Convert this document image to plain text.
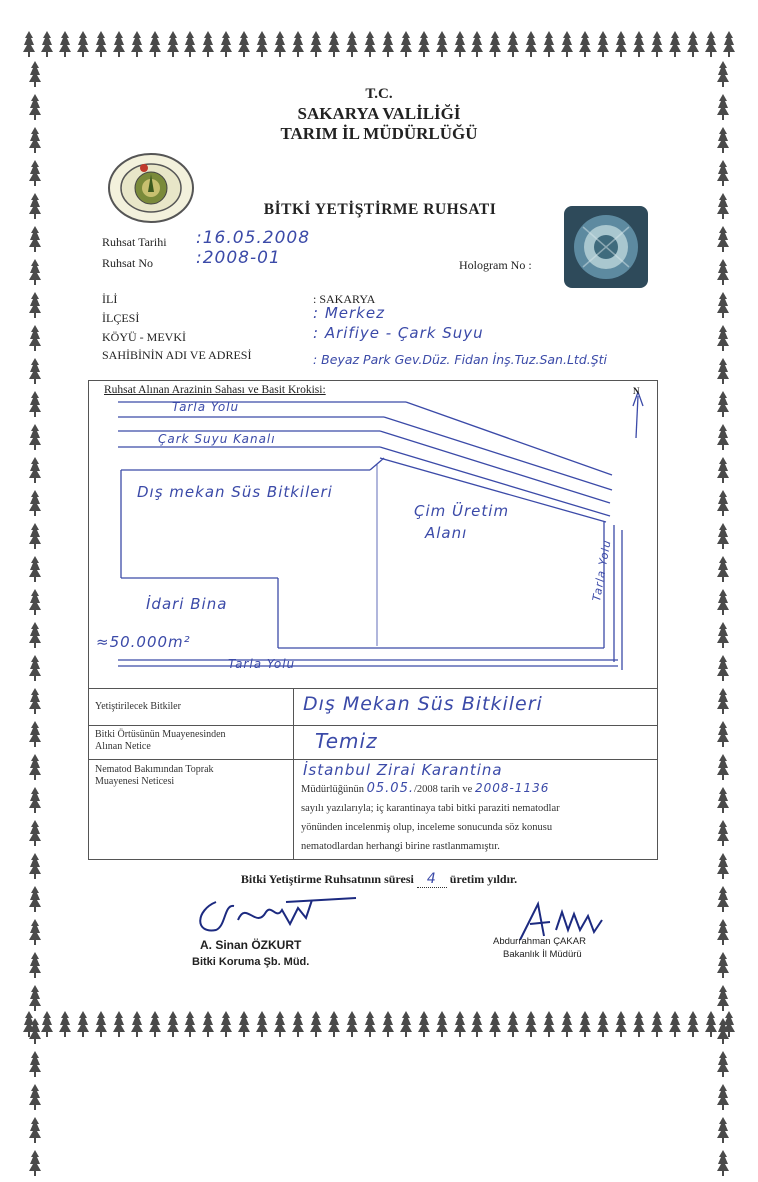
T.C.
SAKARYA VALİLİĞİ
TARIM İL MÜDÜRLÜĞÜ
BİTKİ YETİŞTİRME RUHSATI
Ruhsat Tarihi :16.05.2008
Ruhsat No	:2008-01	Hologram No :
İLİ	: SAKARYA
İLÇESİ	: Merkez
KÖYÜ - MEVKİ	: Arifiye - Çark Suyu
SAHİBİNİN ADI VE ADRESİ	: Beyaz Park Gev.Düz. Fidan İnş.Tuz.San.Ltd.Şti
Ruhsat Alınan Arazinin Sahası ve Basit Krokisi:	N
Tarla Yolu
Çark Suyu Kanalı
Dış mekan Süs Bitkileri
Çim Üretim
Alanı
İdari Bina
≈50.000m²
Tarla Yolu
Tarla Yolu
Yetiştirilecek Bitkiler	Dış Mekan Süs Bitkileri
Bitki Örtüsünün Muayenesinden
Alınan Netice	Temiz
Nematod Bakımından Toprak
Muayenesi Neticesi
İstanbul Zirai Karantina
Müdürlüğünün 05.05./2008 tarih ve 2008-1136
sayılı yazılarıyla; iç karantinaya tabi bitki paraziti nematodlar
yönünden incelenmiş olup, inceleme sonucunda söz konusu
nematodlardan herhangi birine rastlanmamıştır.
Bitki Yetiştirme Ruhsatının süresi 4 üretim yıldır.
A. Sinan ÖZKURT
Bitki Koruma Şb. Müd.
Abdurrahman ÇAKAR
Bakanlık İl Müdürü
